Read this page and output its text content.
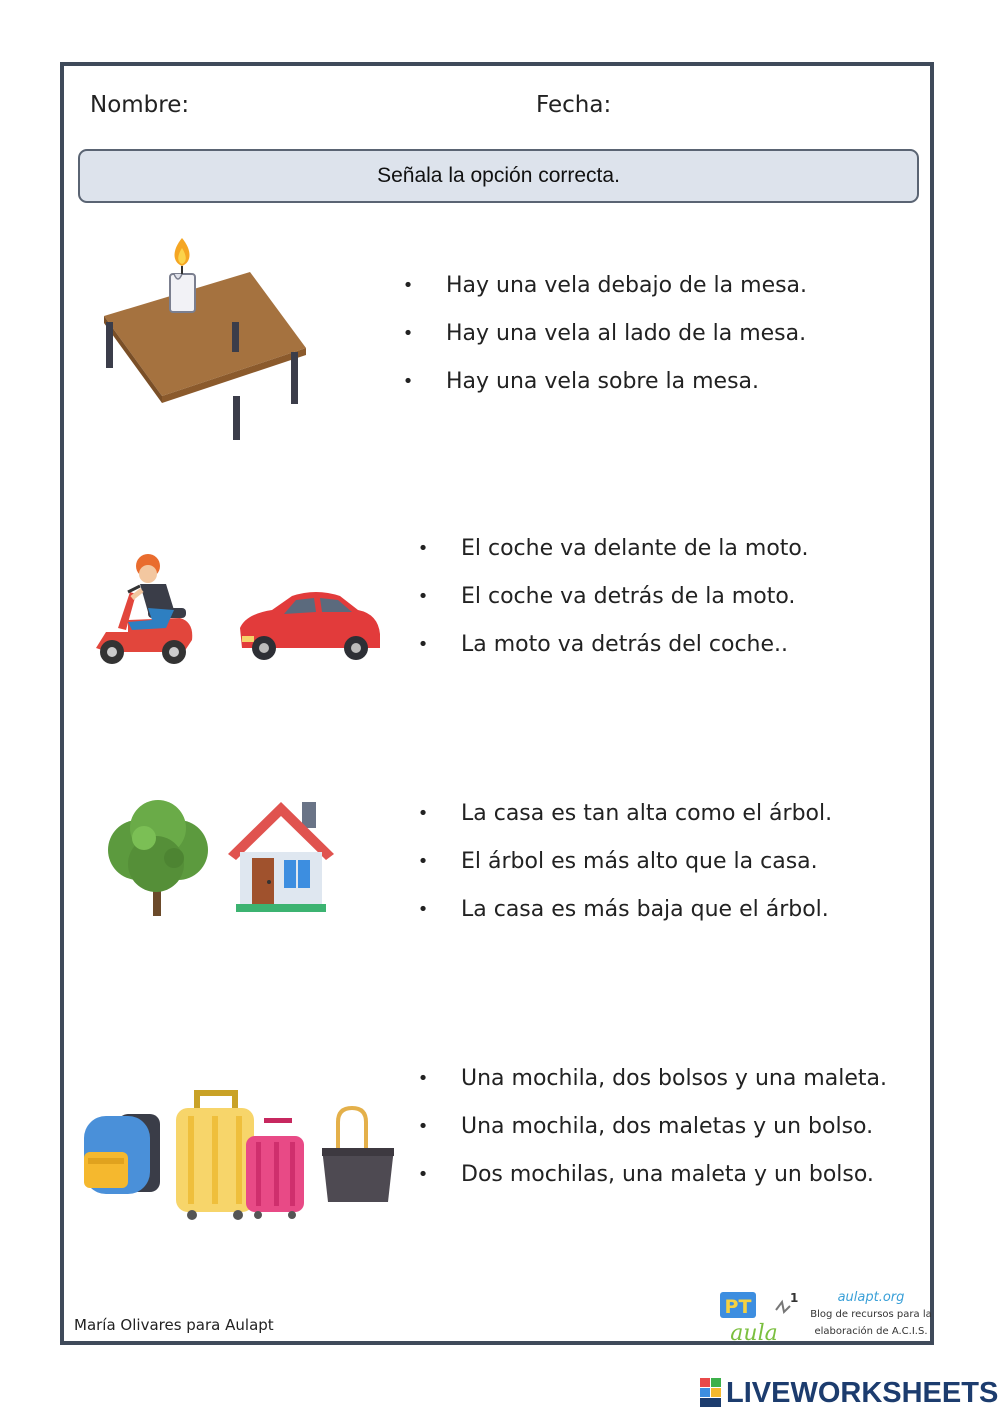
Nombre:	Fecha:
Señala la opción correcta.
• Hay una vela debajo de la mesa.
• Hay una vela al lado de la mesa.
• Hay una vela sobre la mesa.
• El coche va delante de la moto.
• El coche va detrás de la moto.
• La moto va detrás del coche..
• La casa es tan alta como el árbol.
• El árbol es más alto que la casa.
• La casa es más baja que el árbol.
• Una mochila, dos bolsos y una maleta.
• Una mochila, dos maletas y un bolso.
• Dos mochilas, una maleta y un bolso.
María Olivares para Aulapt
PT
aula
1	aulapt.org
Blog de recursos para la
elaboración de A.C.I.S.
LIVEWORKSHEETS
